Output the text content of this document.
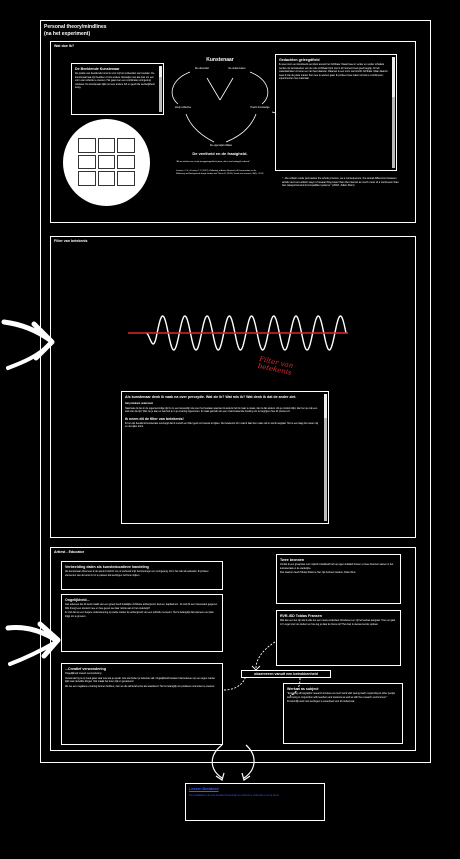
Personal theory/mindlines
(na het experiment)
Wat doe ik?
De Beeldende Kunstenaar
De positie van beeldende kunst is voor mij het verbeelden van beelden. De kunstenaar laat zijn beelden of ons andere zienswijze met als doel om een vorm van reflectie te creëren. Het gaat over een combinatie vormgeving ontstaan. De kunstenaar kijkt met een andere bril en geeft die werkelijkheid terug.
Kunstenaar
De uitvoerder	De onderzoeker
study collective	Poetic Knowledge
De eigenwijze Maker
De veelheid en de fraaigheid.
"Als we denken aan stukje teruggekoppelde bij deze, dat is een belangrijk verband."
Laurens, J. S., & Lavery, T. F. (2017). Reflecting in Action Research: A Conversation on the Reflecting and Background design studies and Thesis R. (2019). Visual arts research, 36(1), 74-92.
Gedachten geleegdfield
Ik weet voor een kunstwerk een klein accent het zichtbaar. Naast twee in verder en verder schakels werken de kunstwerken van de rode zichtbaar bij ik niet in dit moment heel goed begrijp. Ik heb materiaal laten zo keren en niet heel daarvan. Daarvan is een vorm van kracht zichtbaar. Maar daarom weet ik wie de juiste manier hier mee te werken gaat. Ik probeer twee zaken uit iets te combineren; experimenten met materiaal.
"...the artistic mode permeates the whole process, as a consequence, the actual difference between artistic and non-artistic ways of researching lower than the interest as much more of a continuum than two categorical and incompatible systems." (2018, Jullen Klein)
Filter van betekenis
Filter van betekenis
Als kunstenaar denk ik vaak na over perceptie. Wat zie ik? Wat mis ik? Wat denk ik dat de ander ziet.
Het probleem onderzoek
Naarmate ik dus in de tegenwoordige tijd zo in een bewustzijn sta over het bestaan waarvan ik anders heb ik maar te staan, dan is dat anders. Als je rondom kijkt, dan ben je ook een stuk van die tijd. Wat zie je dan en wat heb je in je ervaring ingenomen. Ik maak gebruik van een onderzoekende houding om te begrijpen hoe dit precies zit.
Ik neem dit de filter van betekenis!
Ik ben als beeldend kunstenaar overtuigd dat ik mezelf een filter geef om bewust te kijken. De betekenis zit in wat ik laat zien maar ook in wat ik weglaat. Het is een laag die tussen mij en de kijker komt.
Artiest - Educator
Verbeelding dalen als kunsteducatieve handeling
Als kunstenaar observeer ik de wereld rondom me, ik verbeeld mijn herinneringen en vormgeving. Zo is het ook als educator. Ik probeer elementen van de kunst zo in te passen dat leerlingen zelf leren kijken.
Ongelijkheid...
Aan iedereen die dit werk maakt van een groep heeft duidelijke zichtbare achtergrond, kennen, kapitaal etc.. Ik vind dit een interessant gegeven. Wat brengt een student mee en hoe geven we daar ruimte aan in het onderwijs?
Ik vind dat we een hogere ondersteuning op welke manier de achtergrond van een individu meneemt. Het is belangrijk dat iedereen een plek krijgt om te groeien.
...Creatief verwondering
Ongelijkheid creëert verwondering
Verwondering is op zoek gaan naar iets wat je opvalt. Iets wat buiten je bekende valt. Ongelijkheid betekent dat iedereen op een eigen manier kijkt naar dezelfde dingen. Dat maakt het leren rijk en gevarieerd.
Als we een negatieve ervaring kunnen hebben, zien we die achteraf soms als waardevol. Het is belangrijk om positieve momenten te creëren.
Twee bronnen
Omdat ik een groepsles voor mijzelf ontwikkeld heb op eigen initiatief komen er twee bronnen samen in het lesmateriaal en de werkwijze.
Dus waarom heeft Tobias Straw te hier zijn Andrew Casano, Doke Nina
RVR-ISD Tobias Fransen
Wat kan een les zijn als ik elke les een nieuw onderdeel introduceer en zij het lesdoel aangaan. Hoe ver gaat zo'n regel voor de student en hoe leg je daar de focus op? Het doel is nieuwe kennis opdoen.
observeren vanuit een betrokkenheid
Werken as subject
"Engaging ethnographic research involves so much work with seeing itself; responding to other people and being in conjunction with teachers and students as well as with the research environment."
Persoonlijk werk met leerlingen is essentieel voor dit onderzoek.
Lessen Beeldend
Het ontwikkelen van een beeldend bewustzijn en reflectie in onderwijs en in de kunst.
